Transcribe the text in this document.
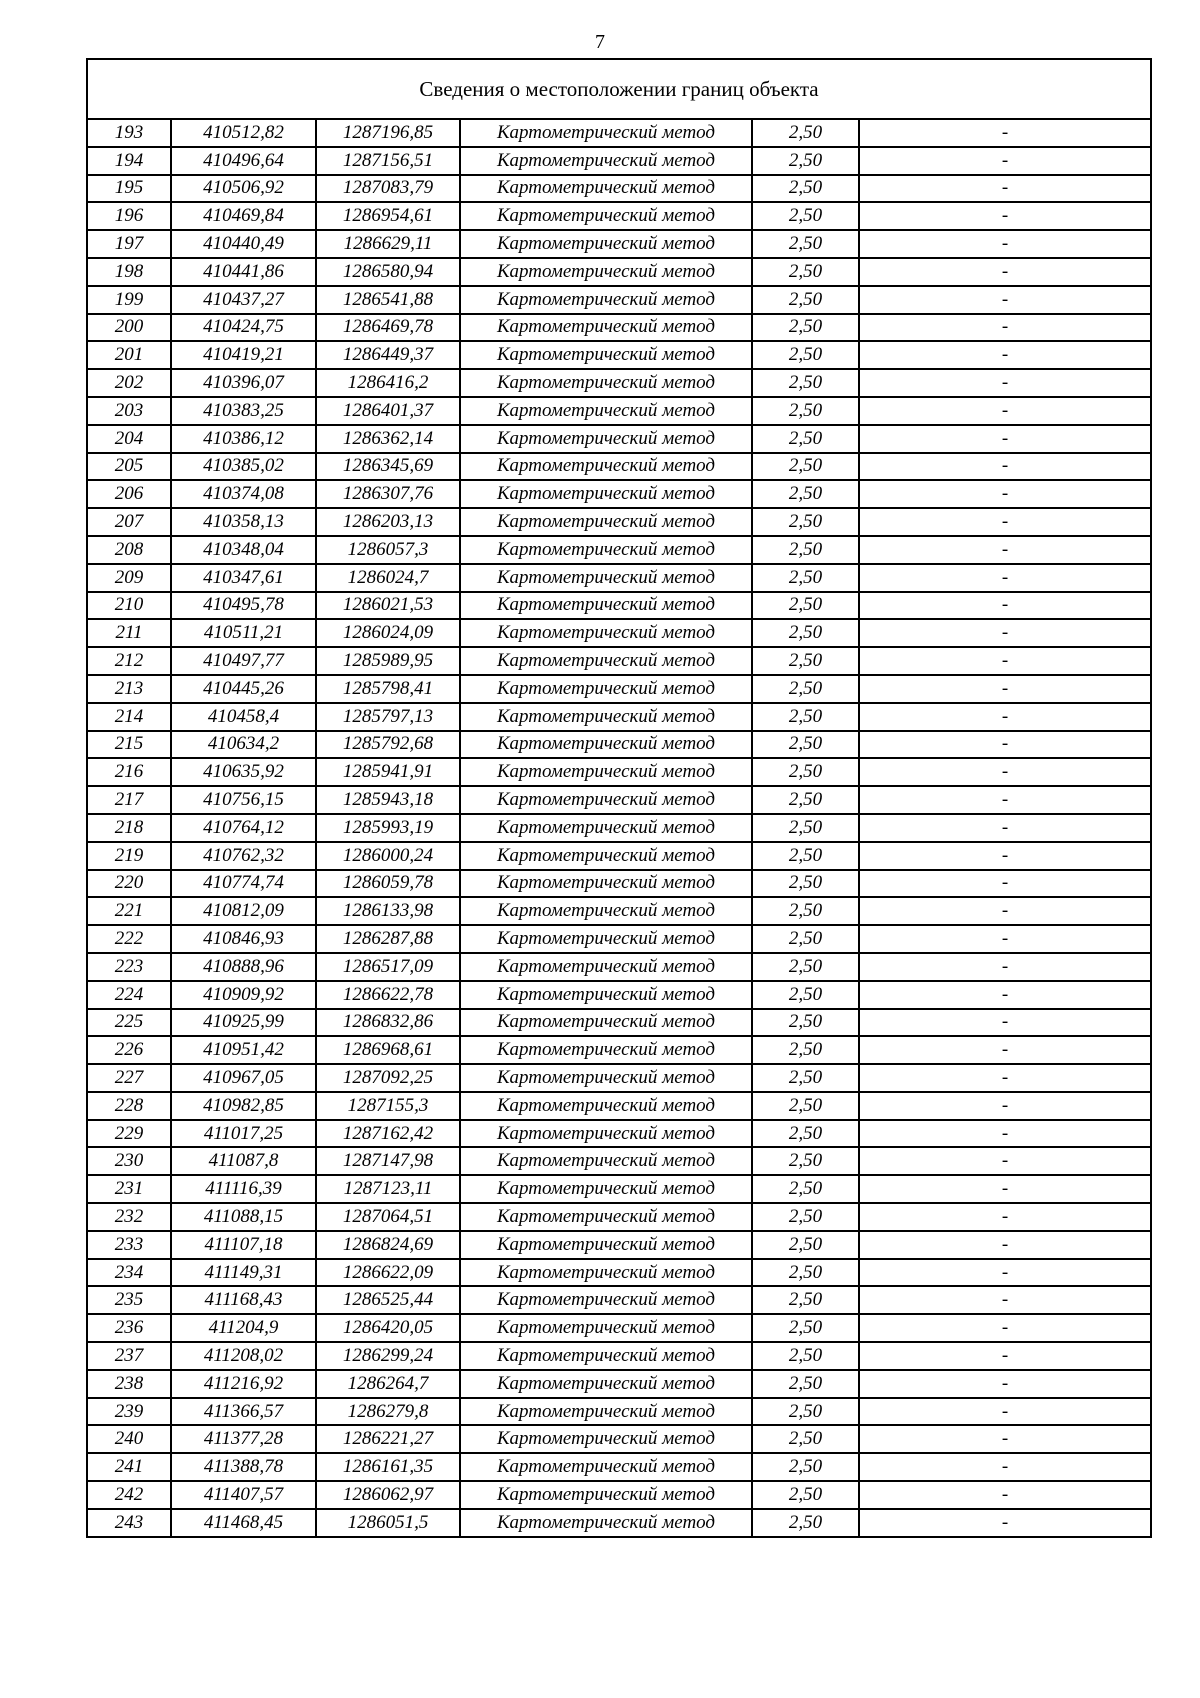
7
Сведения о местоположении границ объекта					
193	410512,82	1287196,85	Картометрический метод	2,50	-
194	410496,64	1287156,51	Картометрический метод	2,50	-
195	410506,92	1287083,79	Картометрический метод	2,50	-
196	410469,84	1286954,61	Картометрический метод	2,50	-
197	410440,49	1286629,11	Картометрический метод	2,50	-
198	410441,86	1286580,94	Картометрический метод	2,50	-
199	410437,27	1286541,88	Картометрический метод	2,50	-
200	410424,75	1286469,78	Картометрический метод	2,50	-
201	410419,21	1286449,37	Картометрический метод	2,50	-
202	410396,07	1286416,2	Картометрический метод	2,50	-
203	410383,25	1286401,37	Картометрический метод	2,50	-
204	410386,12	1286362,14	Картометрический метод	2,50	-
205	410385,02	1286345,69	Картометрический метод	2,50	-
206	410374,08	1286307,76	Картометрический метод	2,50	-
207	410358,13	1286203,13	Картометрический метод	2,50	-
208	410348,04	1286057,3	Картометрический метод	2,50	-
209	410347,61	1286024,7	Картометрический метод	2,50	-
210	410495,78	1286021,53	Картометрический метод	2,50	-
211	410511,21	1286024,09	Картометрический метод	2,50	-
212	410497,77	1285989,95	Картометрический метод	2,50	-
213	410445,26	1285798,41	Картометрический метод	2,50	-
214	410458,4	1285797,13	Картометрический метод	2,50	-
215	410634,2	1285792,68	Картометрический метод	2,50	-
216	410635,92	1285941,91	Картометрический метод	2,50	-
217	410756,15	1285943,18	Картометрический метод	2,50	-
218	410764,12	1285993,19	Картометрический метод	2,50	-
219	410762,32	1286000,24	Картометрический метод	2,50	-
220	410774,74	1286059,78	Картометрический метод	2,50	-
221	410812,09	1286133,98	Картометрический метод	2,50	-
222	410846,93	1286287,88	Картометрический метод	2,50	-
223	410888,96	1286517,09	Картометрический метод	2,50	-
224	410909,92	1286622,78	Картометрический метод	2,50	-
225	410925,99	1286832,86	Картометрический метод	2,50	-
226	410951,42	1286968,61	Картометрический метод	2,50	-
227	410967,05	1287092,25	Картометрический метод	2,50	-
228	410982,85	1287155,3	Картометрический метод	2,50	-
229	411017,25	1287162,42	Картометрический метод	2,50	-
230	411087,8	1287147,98	Картометрический метод	2,50	-
231	411116,39	1287123,11	Картометрический метод	2,50	-
232	411088,15	1287064,51	Картометрический метод	2,50	-
233	411107,18	1286824,69	Картометрический метод	2,50	-
234	411149,31	1286622,09	Картометрический метод	2,50	-
235	411168,43	1286525,44	Картометрический метод	2,50	-
236	411204,9	1286420,05	Картометрический метод	2,50	-
237	411208,02	1286299,24	Картометрический метод	2,50	-
238	411216,92	1286264,7	Картометрический метод	2,50	-
239	411366,57	1286279,8	Картометрический метод	2,50	-
240	411377,28	1286221,27	Картометрический метод	2,50	-
241	411388,78	1286161,35	Картометрический метод	2,50	-
242	411407,57	1286062,97	Картометрический метод	2,50	-
243	411468,45	1286051,5	Картометрический метод	2,50	-
